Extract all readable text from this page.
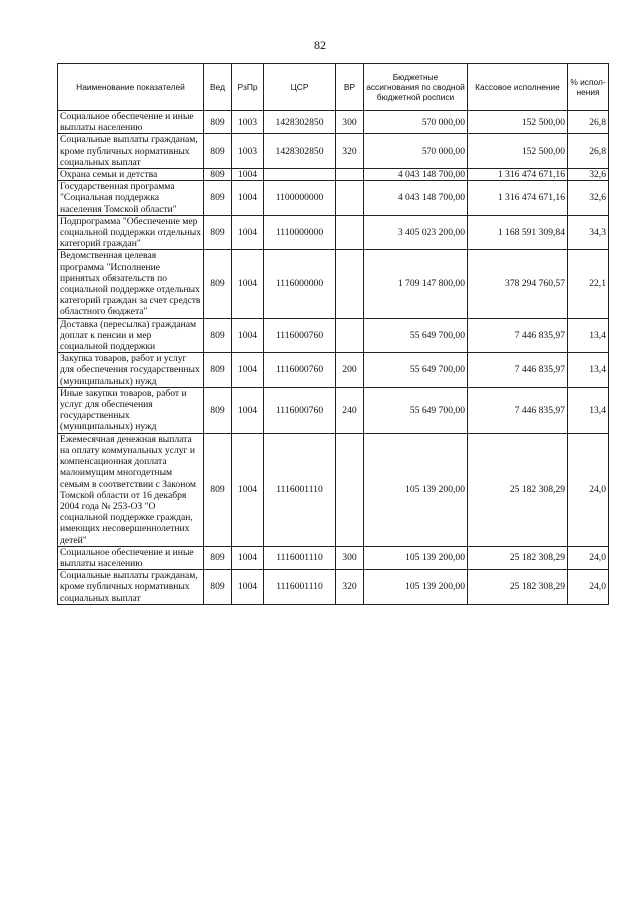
82
Наименование показателей	Вед	РзПр	ЦСР	ВР	Бюджетные ассигнования по сводной бюджетной росписи	Кассовое исполнение	% испол-нения
Социальное обеспечение и иные выплаты населению	809	1003	1428302850	300	570 000,00	152 500,00	26,8
Социальные выплаты гражданам, кроме публичных нормативных социальных выплат	809	1003	1428302850	320	570 000,00	152 500,00	26,8
Охрана семьи и детства	809	1004			4 043 148 700,00	1 316 474 671,16	32,6
Государственная программа "Социальная поддержка населения Томской области"	809	1004	1100000000		4 043 148 700,00	1 316 474 671,16	32,6
Подпрограмма "Обеспечение мер социальной поддержки отдельных категорий граждан"	809	1004	1110000000		3 405 023 200,00	1 168 591 309,84	34,3
Ведомственная целевая программа "Исполнение принятых обязательств по социальной поддержке отдельных категорий граждан за счет средств областного бюджета"	809	1004	1116000000		1 709 147 800,00	378 294 760,57	22,1
Доставка (пересылка) гражданам доплат к пенсии и мер социальной поддержки	809	1004	1116000760		55 649 700,00	7 446 835,97	13,4
Закупка товаров, работ и услуг для обеспечения государственных (муниципальных) нужд	809	1004	1116000760	200	55 649 700,00	7 446 835,97	13,4
Иные закупки товаров, работ и услуг для обеспечения государственных (муниципальных) нужд	809	1004	1116000760	240	55 649 700,00	7 446 835,97	13,4
Ежемесячная денежная выплата на оплату коммунальных услуг и компенсационная доплата малоимущим многодетным семьям в соответствии с Законом Томской области от 16 декабря 2004 года № 253-ОЗ "О социальной поддержке граждан, имеющих несовершеннолетних детей"	809	1004	1116001110		105 139 200,00	25 182 308,29	24,0
Социальное обеспечение и иные выплаты населению	809	1004	1116001110	300	105 139 200,00	25 182 308,29	24,0
Социальные выплаты гражданам, кроме публичных нормативных социальных выплат	809	1004	1116001110	320	105 139 200,00	25 182 308,29	24,0
